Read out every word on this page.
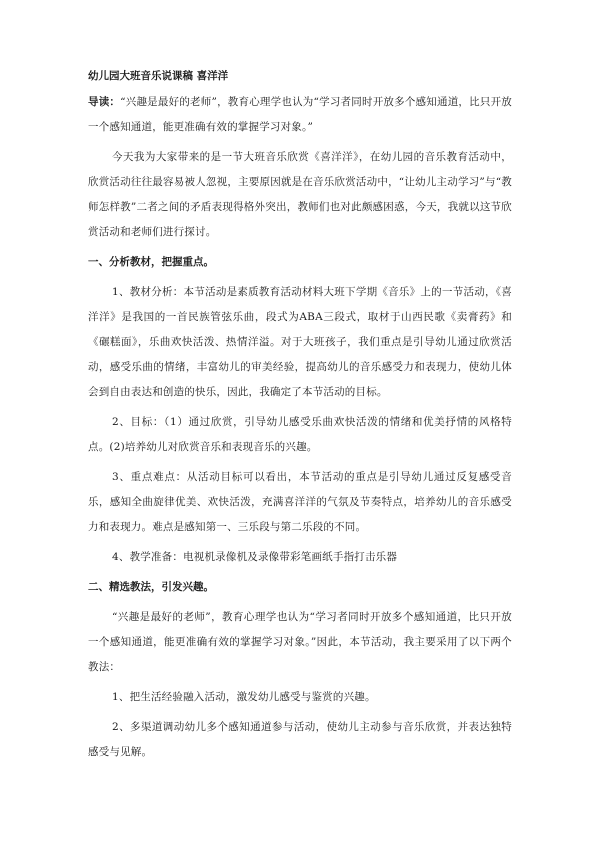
幼儿园大班音乐说课稿 喜洋洋

导读：“兴趣是最好的老师”，教育心理学也认为“学习者同时开放多个感知通道，比只开放一个感知通道，能更准确有效的掌握学习对象。”

今天我为大家带来的是一节大班音乐欣赏《喜洋洋》，在幼儿园的音乐教育活动中，欣赏活动往往最容易被人忽视，主要原因就是在音乐欣赏活动中，“让幼儿主动学习”与“教师怎样教”二者之间的矛盾表现得格外突出，教师们也对此颇感困惑，今天，我就以这节欣赏活动和老师们进行探讨。

一、分析教材，把握重点。

1、教材分析：本节活动是素质教育活动材料大班下学期《音乐》上的一节活动，《喜洋洋》是我国的一首民族管弦乐曲，段式为ABA三段式，取材于山西民歌《卖膏药》和《碾糕面》，乐曲欢快活泼、热情洋溢。对于大班孩子，我们重点是引导幼儿通过欣赏活动，感受乐曲的情绪，丰富幼儿的审美经验，提高幼儿的音乐感受力和表现力，使幼儿体会到自由表达和创造的快乐，因此，我确定了本节活动的目标。

2、目标：（1）通过欣赏，引导幼儿感受乐曲欢快活泼的情绪和优美抒情的风格特点。(2)培养幼儿对欣赏音乐和表现音乐的兴趣。

3、重点难点：从活动目标可以看出，本节活动的重点是引导幼儿通过反复感受音乐，感知全曲旋律优美、欢快活泼，充满喜洋洋的气氛及节奏特点，培养幼儿的音乐感受力和表现力。难点是感知第一、三乐段与第二乐段的不同。

4、教学准备：电视机录像机及录像带彩笔画纸手指打击乐器

二、精选教法，引发兴趣。

“兴趣是最好的老师”，教育心理学也认为“学习者同时开放多个感知通道，比只开放一个感知通道，能更准确有效的掌握学习对象。”因此，本节活动，我主要采用了以下两个教法：

1、把生活经验融入活动，激发幼儿感受与鉴赏的兴趣。

2、多渠道调动幼儿多个感知通道参与活动，使幼儿主动参与音乐欣赏，并表达独特感受与见解。
